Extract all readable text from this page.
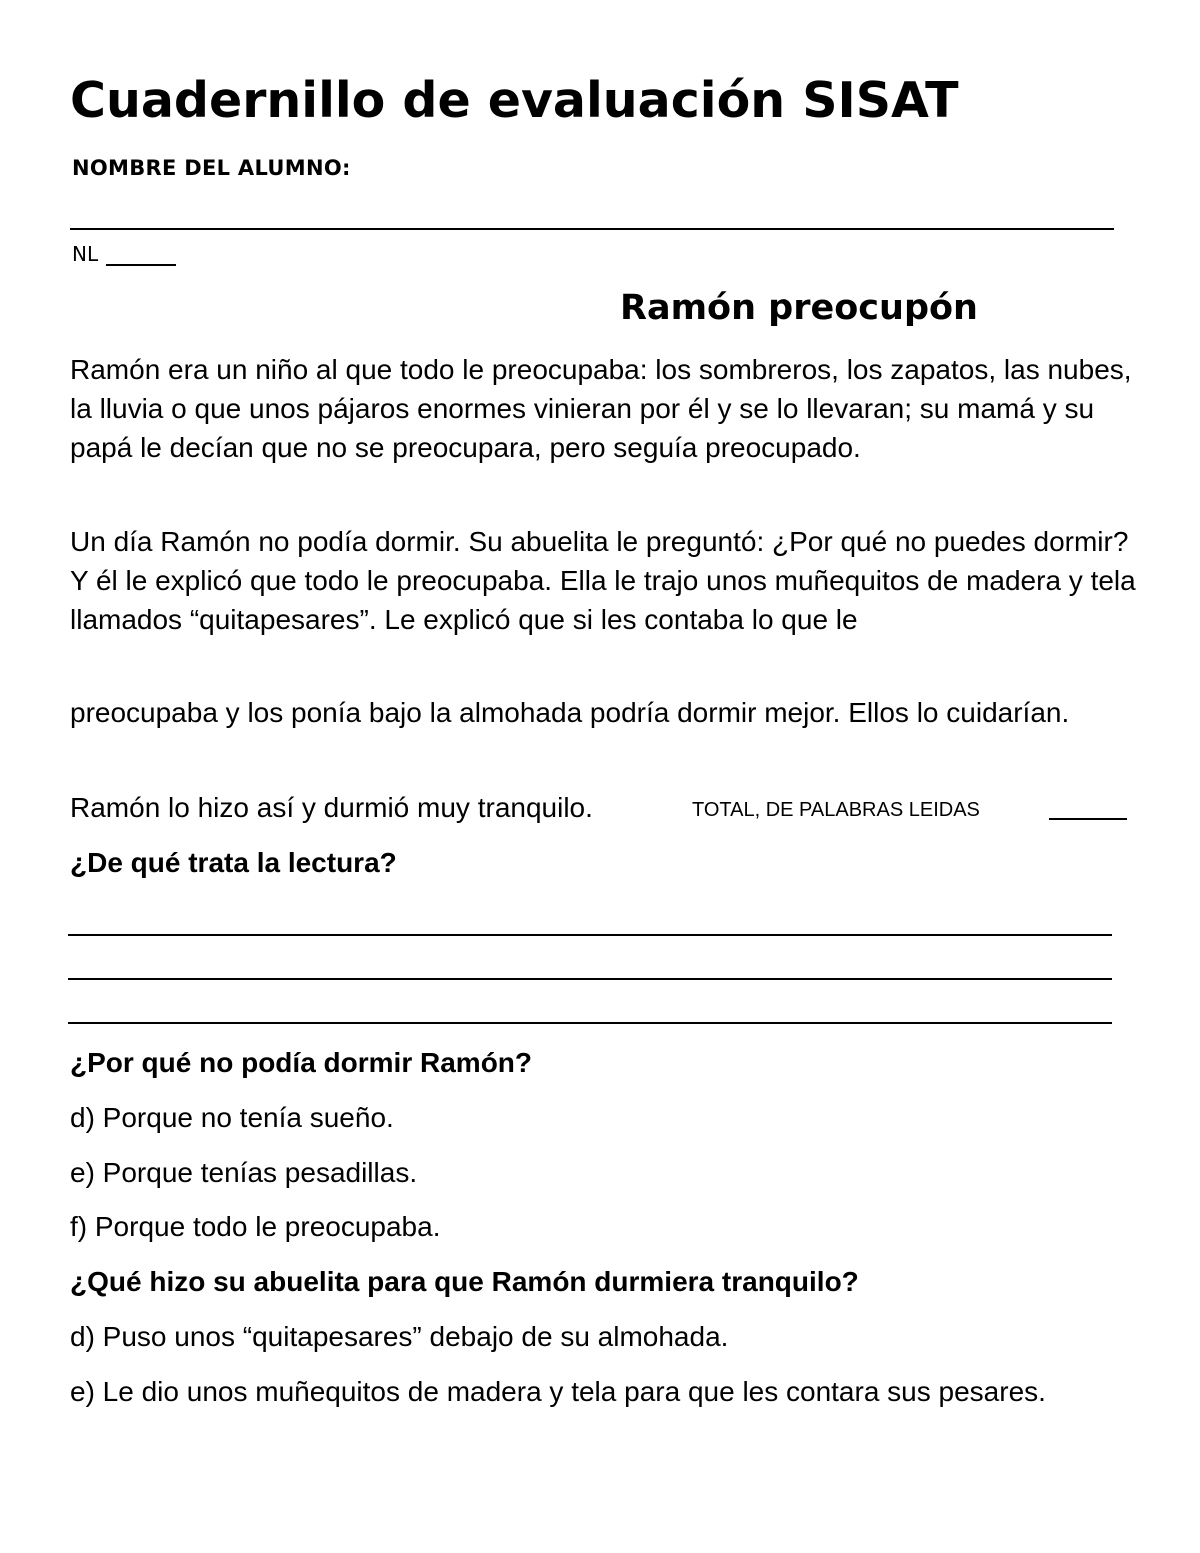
Cuadernillo de evaluación SISAT
NOMBRE DEL ALUMNO:
NL
Ramón preocupón

Ramón era un niño al que todo le preocupaba: los sombreros, los zapatos, las nubes, la lluvia o que unos pájaros enormes vinieran por él y se lo llevaran; su mamá y su papá le decían que no se preocupara, pero seguía preocupado.

Un día Ramón no podía dormir. Su abuelita le preguntó: ¿Por qué no puedes dormir? Y él le explicó que todo le preocupaba. Ella le trajo unos muñequitos de madera y tela llamados “quitapesares”. Le explicó que si les contaba lo que le

preocupaba y los ponía bajo la almohada podría dormir mejor. Ellos lo cuidarían.

Ramón lo hizo así y durmió muy tranquilo.	TOTAL, DE PALABRAS LEIDAS
¿De qué trata la lectura?
¿Por qué no podía dormir Ramón?
d) Porque no tenía sueño.
e) Porque tenías pesadillas.
f) Porque todo le preocupaba.
¿Qué hizo su abuelita para que Ramón durmiera tranquilo?
d) Puso unos “quitapesares” debajo de su almohada.
e) Le dio unos muñequitos de madera y tela para que les contara sus pesares.
